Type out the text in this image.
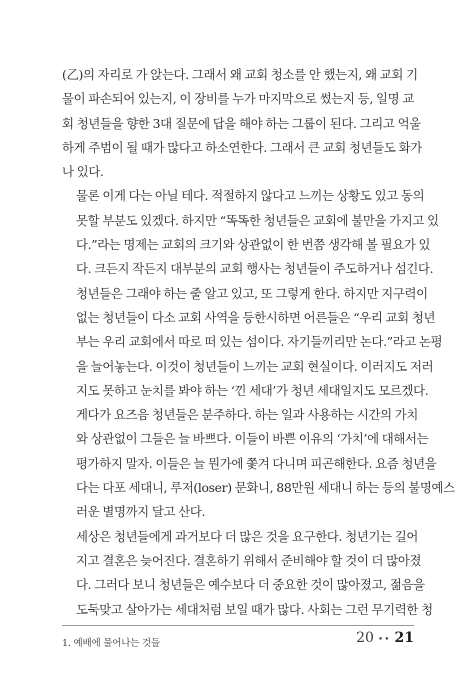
(乙)의 자리로 가 앉는다. 그래서 왜 교회 청소를 안 했는지, 왜 교회 기
물이 파손되어 있는지, 이 장비를 누가 마지막으로 썼는지 등, 일명 교
회 청년들을 향한 3대 질문에 답을 해야 하는 그룹이 된다. 그리고 억울
하게 주범이 될 때가 많다고 하소연한다. 그래서 큰 교회 청년들도 화가
나 있다.
물론 이게 다는 아닐 테다. 적절하지 않다고 느끼는 상황도 있고 동의
못할 부분도 있겠다. 하지만 “똑똑한 청년들은 교회에 불만을 가지고 있
다.”라는 명제는 교회의 크기와 상관없이 한 번쯤 생각해 볼 필요가 있
다. 크든지 작든지 대부분의 교회 행사는 청년들이 주도하거나 섬긴다.
청년들은 그래야 하는 줄 알고 있고, 또 그렇게 한다. 하지만 지구력이
없는 청년들이 다소 교회 사역을 등한시하면 어른들은 “우리 교회 청년
부는 우리 교회에서 따로 떠 있는 섬이다. 자기들끼리만 논다.”라고 논평
을 늘어놓는다. 이것이 청년들이 느끼는 교회 현실이다. 이러지도 저러
지도 못하고 눈치를 봐야 하는 ‘낀 세대’가 청년 세대일지도 모르겠다.
게다가 요즈음 청년들은 분주하다. 하는 일과 사용하는 시간의 가치
와 상관없이 그들은 늘 바쁘다. 이들이 바쁜 이유의 ‘가치’에 대해서는
평가하지 말자. 이들은 늘 뭔가에 쫓겨 다니며 피곤해한다. 요즘 청년을
다는 다포 세대니, 루저(loser) 문화니, 88만원 세대니 하는 등의 불명예스
러운 별명까지 달고 산다.
세상은 청년들에게 과거보다 더 많은 것을 요구한다. 청년기는 길어
지고 결혼은 늦어진다. 결혼하기 위해서 준비해야 할 것이 더 많아졌
다. 그러다 보니 청년들은 예수보다 더 중요한 것이 많아졌고, 젊음을
도둑맞고 살아가는 세대처럼 보일 때가 많다. 사회는 그런 무기력한 청
1. 예배에 물어나는 것들	20 •• 21
